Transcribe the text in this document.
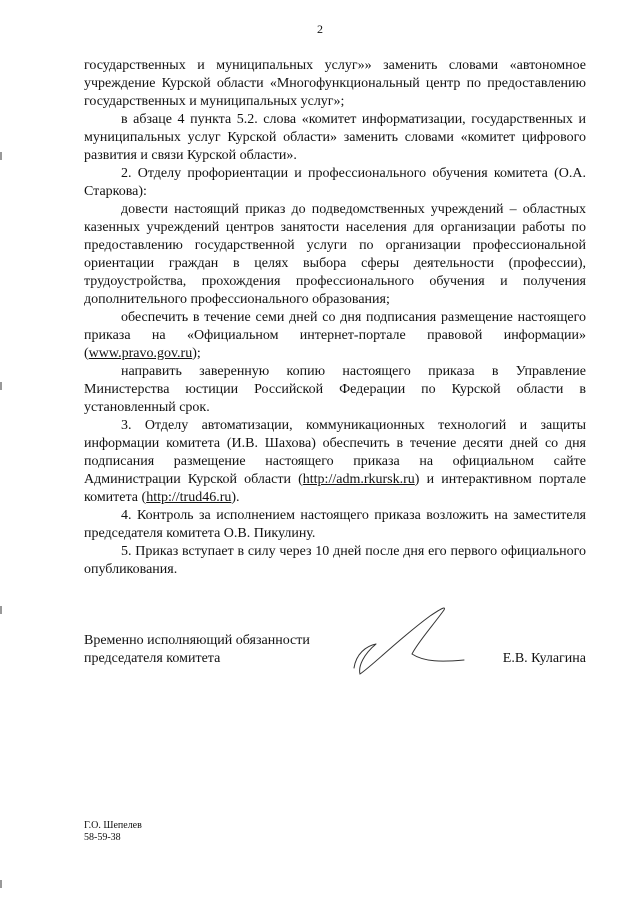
2

государственных и муниципальных услуг»» заменить словами «автономное учреждение Курской области «Многофункциональный центр по предоставлению государственных и муниципальных услуг»;

в абзаце 4 пункта 5.2. слова «комитет информатизации, государственных и муниципальных услуг Курской области» заменить словами «комитет цифрового развития и связи Курской области».

2. Отделу профориентации и профессионального обучения комитета (О.А. Старкова):

довести настоящий приказ до подведомственных учреждений – областных казенных учреждений центров занятости населения для организации работы по предоставлению государственной услуги по организации профессиональной ориентации граждан в целях выбора сферы деятельности (профессии), трудоустройства, прохождения профессионального обучения и получения дополнительного профессионального образования;

обеспечить в течение семи дней со дня подписания размещение настоящего приказа на «Официальном интернет-портале правовой информации» (www.pravo.gov.ru);

направить заверенную копию настоящего приказа в Управление Министерства юстиции Российской Федерации по Курской области в установленный срок.

3. Отделу автоматизации, коммуникационных технологий и защиты информации комитета (И.В. Шахова) обеспечить в течение десяти дней со дня подписания размещение настоящего приказа на официальном сайте Администрации Курской области (http://adm.rkursk.ru) и интерактивном портале комитета (http://trud46.ru).

4. Контроль за исполнением настоящего приказа возложить на заместителя председателя комитета О.В. Пикулину.

5. Приказ вступает в силу через 10 дней после дня его первого официального опубликования.

Временно исполняющий обязанности
председателя комитета	Е.В. Кулагина
Г.О. Шепелев
58-59-38
